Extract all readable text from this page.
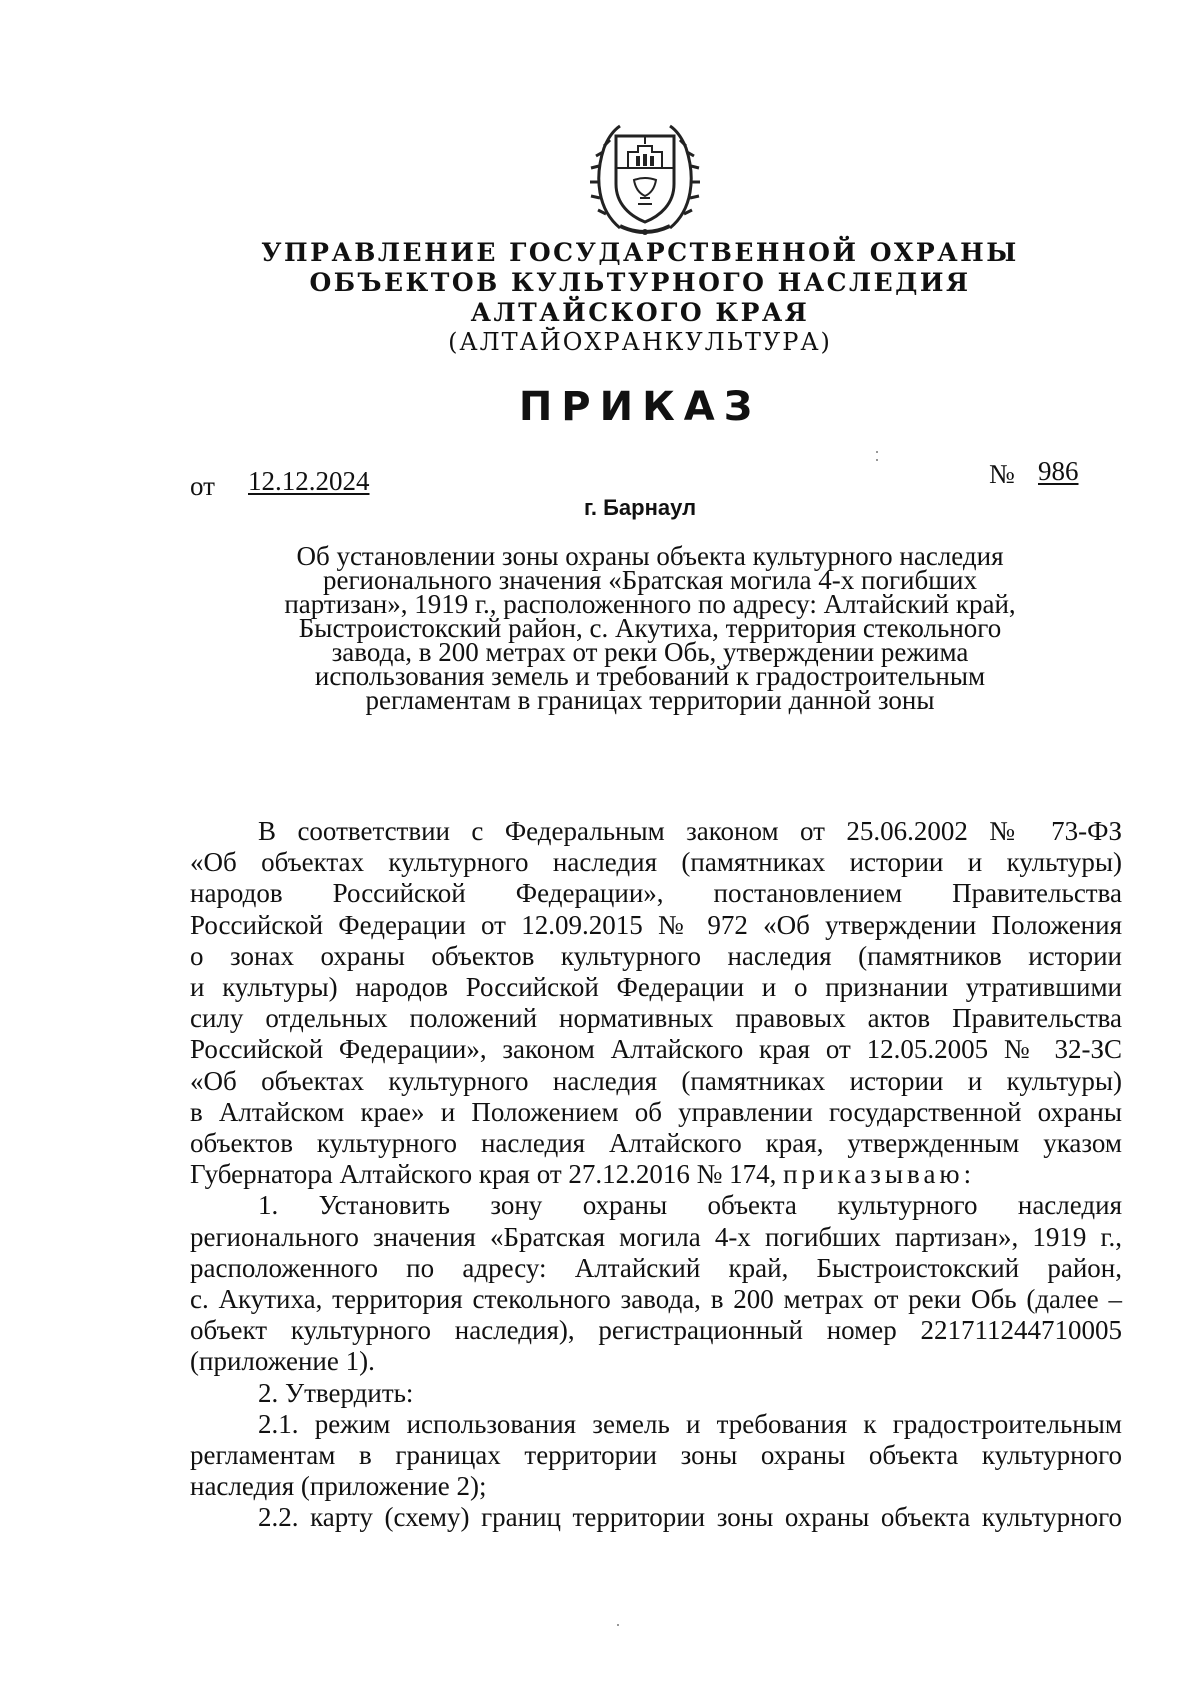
УПРАВЛЕНИЕ ГОСУДАРСТВЕННОЙ ОХРАНЫ
ОБЪЕКТОВ КУЛЬТУРНОГО НАСЛЕДИЯ
АЛТАЙСКОГО КРАЯ
(АЛТАЙОХРАНКУЛЬТУРА)
ПРИКАЗ
от 12.12.2024	№ 986
г. Барнаул
Об установлении зоны охраны объекта культурного наследия
регионального значения «Братская могила 4-х погибших
партизан», 1919 г., расположенного по адресу: Алтайский край,
Быстроистокский район, с. Акутиха, территория стекольного
завода, в 200 метрах от реки Обь, утверждении режима
использования земель и требований к градостроительным
регламентам в границах территории данной зоны
В соответствии с Федеральным законом от 25.06.2002 № 73-ФЗ
«Об объектах культурного наследия (памятниках истории и культуры)
народов Российской Федерации», постановлением Правительства
Российской Федерации от 12.09.2015 № 972 «Об утверждении Положения
о зонах охраны объектов культурного наследия (памятников истории
и культуры) народов Российской Федерации и о признании утратившими
силу отдельных положений нормативных правовых актов Правительства
Российской Федерации», законом Алтайского края от 12.05.2005 № 32-ЗС
«Об объектах культурного наследия (памятниках истории и культуры)
в Алтайском крае» и Положением об управлении государственной охраны
объектов культурного наследия Алтайского края, утвержденным указом
Губернатора Алтайского края от 27.12.2016 № 174, приказываю:
1. Установить зону охраны объекта культурного наследия
регионального значения «Братская могила 4-х погибших партизан», 1919 г.,
расположенного по адресу: Алтайский край, Быстроистокский район,
с. Акутиха, территория стекольного завода, в 200 метрах от реки Обь (далее –
объект культурного наследия), регистрационный номер 221711244710005
(приложение 1).
2. Утвердить:
2.1. режим использования земель и требования к градостроительным
регламентам в границах территории зоны охраны объекта культурного
наследия (приложение 2);
2.2. карту (схему) границ территории зоны охраны объекта культурного
